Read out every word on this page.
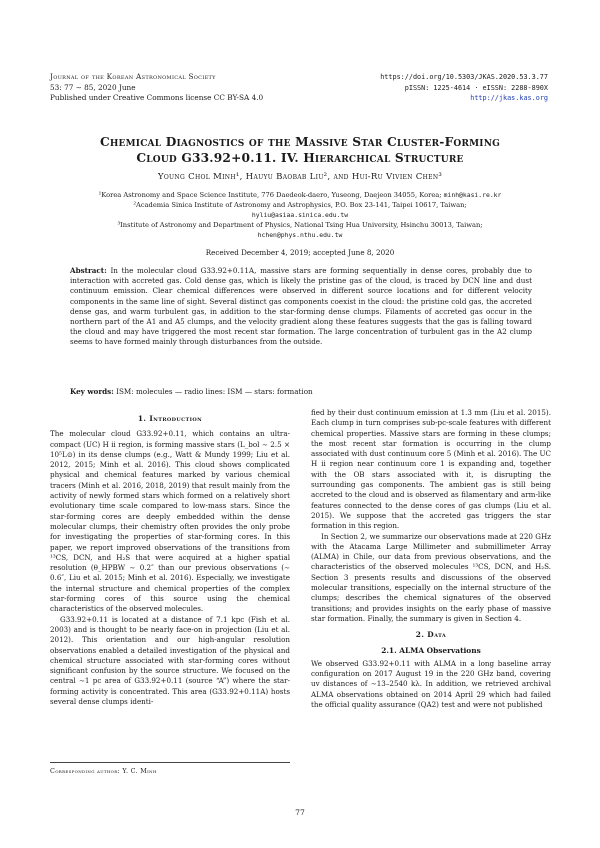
Journal of the Korean Astronomical Society
53: 77 ∼ 85, 2020 June
Published under Creative Commons license CC BY-SA 4.0
https://doi.org/10.5303/JKAS.2020.53.3.77
pISSN: 1225-4614 · eISSN: 2288-890X
http://jkas.kas.org
Chemical Diagnostics of the Massive Star Cluster-Forming
Cloud G33.92+0.11. IV. Hierarchical Structure
Young Chol Minh¹, Hauyu Baobab Liu², and Hui-Ru Vivien Chen³
¹Korea Astronomy and Space Science Institute, 776 Daedeok-daero, Yuseong, Daejeon 34055, Korea; minh@kasi.re.kr
²Academia Sinica Institute of Astronomy and Astrophysics, P.O. Box 23-141, Taipei 10617, Taiwan;
hyliu@asiaa.sinica.edu.tw
³Institute of Astronomy and Department of Physics, National Tsing Hua University, Hsinchu 30013, Taiwan;
hchen@phys.nthu.edu.tw
Received December 4, 2019; accepted June 8, 2020
Abstract: In the molecular cloud G33.92+0.11A, massive stars are forming sequentially in dense cores, probably due to interaction with accreted gas. Cold dense gas, which is likely the pristine gas of the cloud, is traced by DCN line and dust continuum emission. Clear chemical differences were observed in different source locations and for different velocity components in the same line of sight. Several distinct gas components coexist in the cloud: the pristine cold gas, the accreted dense gas, and warm turbulent gas, in addition to the star-forming dense clumps. Filaments of accreted gas occur in the northern part of the A1 and A5 clumps, and the velocity gradient along these features suggests that the gas is falling toward the cloud and may have triggered the most recent star formation. The large concentration of turbulent gas in the A2 clump seems to have formed mainly through disturbances from the outside.
Key words: ISM: molecules — radio lines: ISM — stars: formation
1. Introduction

The molecular cloud G33.92+0.11, which contains an ultra-compact (UC) H ii region, is forming massive stars (L_bol ∼ 2.5 × 10⁵L⊙) in its dense clumps (e.g., Watt & Mundy 1999; Liu et al. 2012, 2015; Minh et al. 2016). This cloud shows complicated physical and chemical features marked by various chemical tracers (Minh et al. 2016, 2018, 2019) that result mainly from the activity of newly formed stars which formed on a relatively short evolutionary time scale compared to low-mass stars. Since the star-forming cores are deeply embedded within the dense molecular clumps, their chemistry often provides the only probe for investigating the properties of star-forming cores. In this paper, we report improved observations of the transitions from ¹³CS, DCN, and H₂S that were acquired at a higher spatial resolution (θ_HPBW ∼ 0.2″ than our previous observations (∼ 0.6″, Liu et al. 2015; Minh et al. 2016). Especially, we investigate the internal structure and chemical properties of the complex star-forming cores of this source using the chemical characteristics of the observed molecules.

G33.92+0.11 is located at a distance of 7.1 kpc (Fish et al. 2003) and is thought to be nearly face-on in projection (Liu et al. 2012). This orientation and our high-angular resolution observations enabled a detailed investigation of the physical and chemical structure associated with star-forming cores without significant confusion by the source structure. We focused on the central ∼1 pc area of G33.92+0.11 (source “A”) where the star-forming activity is concentrated. This area (G33.92+0.11A) hosts several dense clumps identi-

fied by their dust continuum emission at 1.3 mm (Liu et al. 2015). Each clump in turn comprises sub-pc-scale features with different chemical properties. Massive stars are forming in these clumps; the most recent star formation is occurring in the clump associated with dust continuum core 5 (Minh et al. 2016). The UC H ii region near continuum core 1 is expanding and, together with the OB stars associated with it, is disrupting the surrounding gas components. The ambient gas is still being accreted to the cloud and is observed as filamentary and arm-like features connected to the dense cores of gas clumps (Liu et al. 2015). We suppose that the accreted gas triggers the star formation in this region.

In Section 2, we summarize our observations made at 220 GHz with the Atacama Large Millimeter and submillimeter Array (ALMA) in Chile, our data from previous observations, and the characteristics of the observed molecules ¹³CS, DCN, and H₂S. Section 3 presents results and discussions of the observed molecular transitions, especially on the internal structure of the clumps; describes the chemical signatures of the observed transitions; and provides insights on the early phase of massive star formation. Finally, the summary is given in Section 4.

2. Data
2.1. ALMA Observations

We observed G33.92+0.11 with ALMA in a long baseline array configuration on 2017 August 19 in the 220 GHz band, covering uv distances of ∼13–2540 kλ. In addition, we retrieved archival ALMA observations obtained on 2014 April 29 which had failed the official quality assurance (QA2) test and were not published

Corresponding author: Y. C. Minh
77
